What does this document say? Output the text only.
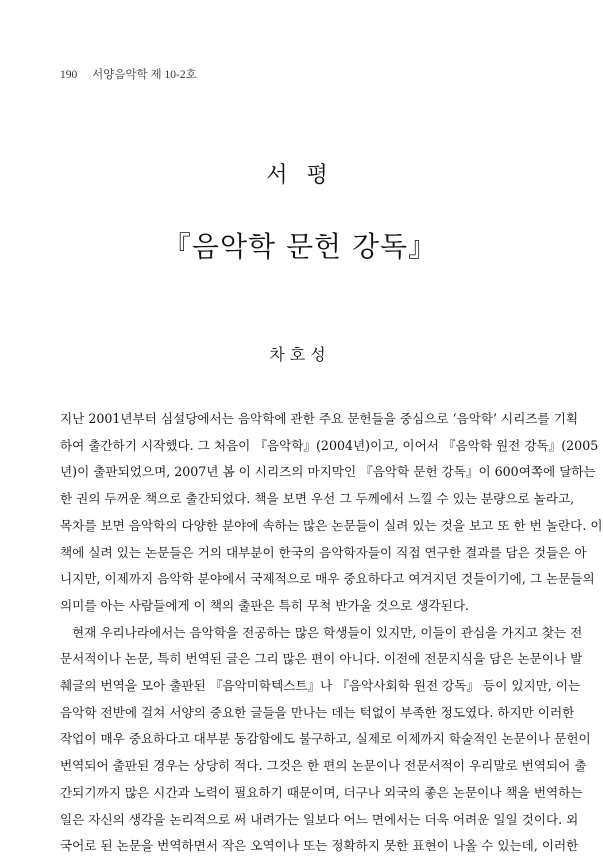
190 서양음악학 제 10-2호
서 평
『음악학 문헌 강독』
차호성
지난 2001년부터 심설당에서는 음악학에 관한 주요 문헌들을 중심으로 ‘음악학’ 시리즈를 기획
하여 출간하기 시작했다. 그 처음이 『음악학』(2004년)이고, 이어서 『음악학 원전 강독』(2005
년)이 출판되었으며, 2007년 봄 이 시리즈의 마지막인 『음악학 문헌 강독』이 600여쪽에 달하는
한 권의 두꺼운 책으로 출간되었다. 책을 보면 우선 그 두께에서 느낄 수 있는 분량으로 놀라고,
목차를 보면 음악학의 다양한 분야에 속하는 많은 논문들이 실려 있는 것을 보고 또 한 번 놀란다. 이
책에 실려 있는 논문들은 거의 대부분이 한국의 음악학자들이 직접 연구한 결과를 담은 것들은 아
니지만, 이제까지 음악학 분야에서 국제적으로 매우 중요하다고 여겨지던 것들이기에, 그 논문들의
의미를 아는 사람들에게 이 책의 출판은 특히 무척 반가울 것으로 생각된다.
현재 우리나라에서는 음악학을 전공하는 많은 학생들이 있지만, 이들이 관심을 가지고 찾는 전
문서적이나 논문, 특히 번역된 글은 그리 많은 편이 아니다. 이전에 전문지식을 담은 논문이나 발
췌글의 번역을 모아 출판된 『음악미학텍스트』나 『음악사회학 원전 강독』 등이 있지만, 이는
음악학 전반에 걸쳐 서양의 중요한 글들을 만나는 데는 턱없이 부족한 정도였다. 하지만 이러한
작업이 매우 중요하다고 대부분 동감함에도 불구하고, 실제로 이제까지 학술적인 논문이나 문헌이
번역되어 출판된 경우는 상당히 적다. 그것은 한 편의 논문이나 전문서적이 우리말로 번역되어 출
간되기까지 많은 시간과 노력이 필요하기 때문이며, 더구나 외국의 좋은 논문이나 책을 번역하는
일은 자신의 생각을 논리적으로 써 내려가는 일보다 어느 면에서는 더욱 어려운 일일 것이다. 외
국어로 된 논문을 번역하면서 작은 오역이나 또는 정확하지 못한 표현이 나올 수 있는데, 이러한
